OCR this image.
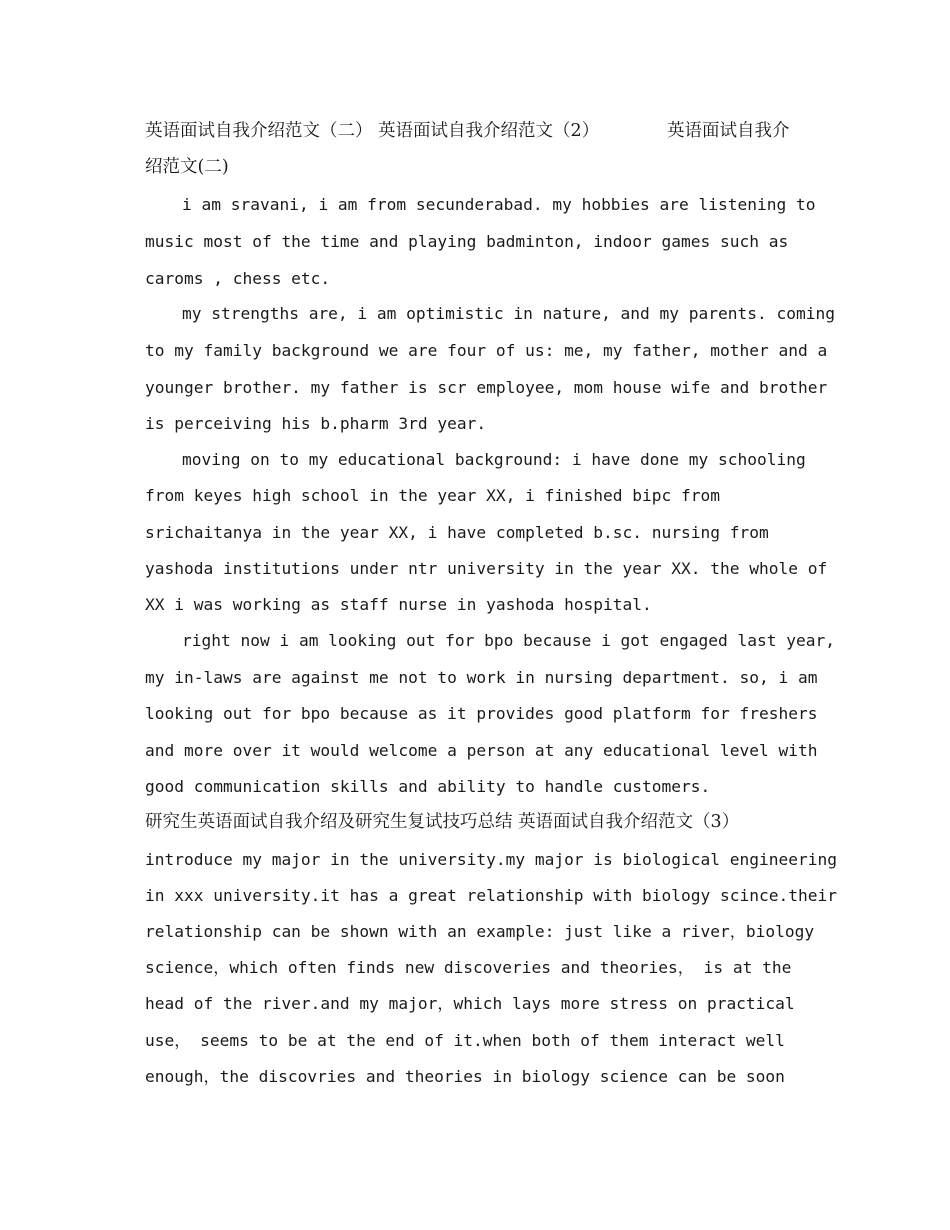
英语面试自我介绍范文（二） 英语面试自我介绍范文（2）	英语面试自我介
绍范文(二)
i am sravani, i am from secunderabad. my hobbies are listening to
music most of the time and playing badminton, indoor games such as
caroms , chess etc.
my strengths are, i am optimistic in nature, and my parents. coming
to my family background we are four of us: me, my father, mother and a
younger brother. my father is scr employee, mom house wife and brother
is perceiving his b.pharm 3rd year.
moving on to my educational background: i have done my schooling
from keyes high school in the year XX, i finished bipc from
srichaitanya in the year XX, i have completed b.sc. nursing from
yashoda institutions under ntr university in the year XX. the whole of
XX i was working as staff nurse in yashoda hospital.
right now i am looking out for bpo because i got engaged last year,
my in-laws are against me not to work in nursing department. so, i am
looking out for bpo because as it provides good platform for freshers
and more over it would welcome a person at any educational level with
good communication skills and ability to handle customers.
研究生英语面试自我介绍及研究生复试技巧总结 英语面试自我介绍范文（3）
introduce my major in the university.my major is biological engineering
in xxx university.it has a great relationship with biology scince.their
relationship can be shown with an example: just like a river，biology
science，which often finds new discoveries and theories， is at the
head of the river.and my major，which lays more stress on practical
use， seems to be at the end of it.when both of them interact well
enough，the discovries and theories in biology science can be soon
